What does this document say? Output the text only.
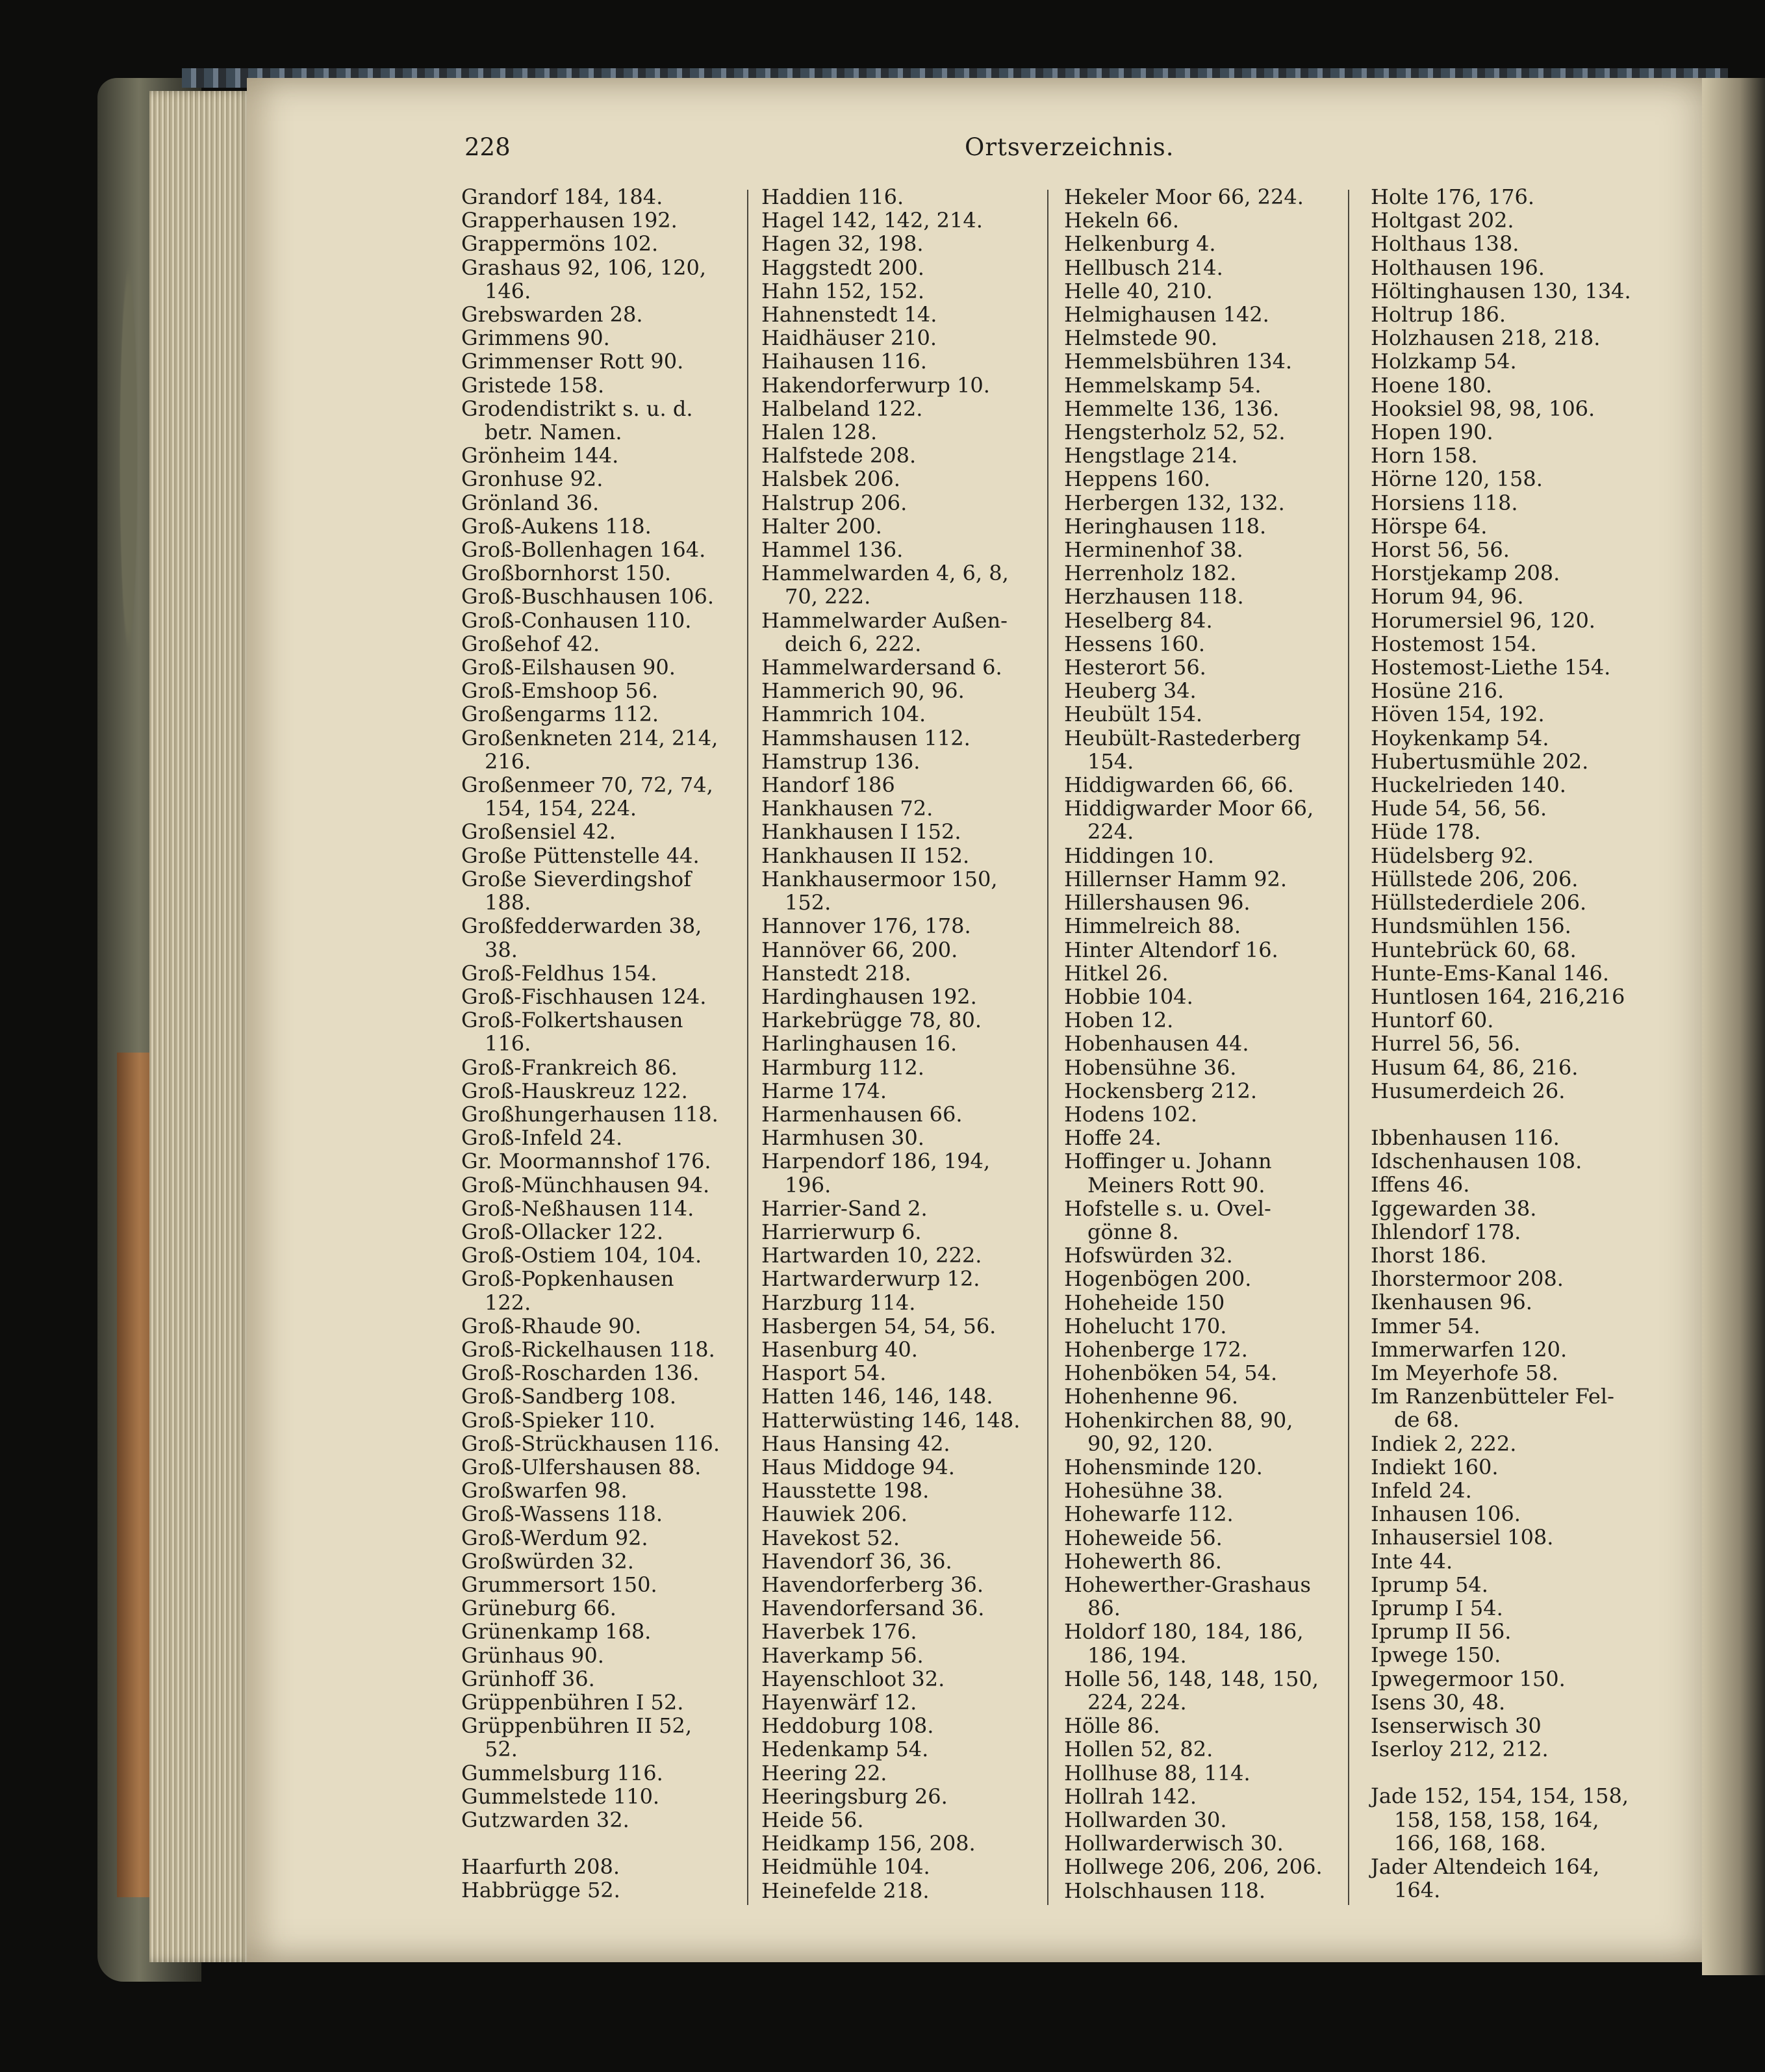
228	Ortsverzeichnis.
Grandorf 184, 184.
Grapperhausen 192.
Grappermöns 102.
Grashaus 92, 106, 120,
146.
Grebswarden 28.
Grimmens 90.
Grimmenser Rott 90.
Gristede 158.
Grodendistrikt s. u. d.
betr. Namen.
Grönheim 144.
Gronhuse 92.
Grönland 36.
Groß-Aukens 118.
Groß-Bollenhagen 164.
Großbornhorst 150.
Groß-Buschhausen 106.
Groß-Conhausen 110.
Großehof 42.
Groß-Eilshausen 90.
Groß-Emshoop 56.
Großengarms 112.
Großenkneten 214, 214,
216.
Großenmeer 70, 72, 74,
154, 154, 224.
Großensiel 42.
Große Püttenstelle 44.
Große Sieverdingshof
188.
Großfedderwarden 38,
38.
Groß-Feldhus 154.
Groß-Fischhausen 124.
Groß-Folkertshausen
116.
Groß-Frankreich 86.
Groß-Hauskreuz 122.
Großhungerhausen 118.
Groß-Infeld 24.
Gr. Moormannshof 176.
Groß-Münchhausen 94.
Groß-Neßhausen 114.
Groß-Ollacker 122.
Groß-Ostiem 104, 104.
Groß-Popkenhausen
122.
Groß-Rhaude 90.
Groß-Rickelhausen 118.
Groß-Roscharden 136.
Groß-Sandberg 108.
Groß-Spieker 110.
Groß-Strückhausen 116.
Groß-Ulfershausen 88.
Großwarfen 98.
Groß-Wassens 118.
Groß-Werdum 92.
Großwürden 32.
Grummersort 150.
Grüneburg 66.
Grünenkamp 168.
Grünhaus 90.
Grünhoff 36.
Grüppenbühren I 52.
Grüppenbühren II 52,
52.
Gummelsburg 116.
Gummelstede 110.
Gutzwarden 32.
Haarfurth 208.
Habbrügge 52.
Haddien 116.
Hagel 142, 142, 214.
Hagen 32, 198.
Haggstedt 200.
Hahn 152, 152.
Hahnenstedt 14.
Haidhäuser 210.
Haihausen 116.
Hakendorferwurp 10.
Halbeland 122.
Halen 128.
Halfstede 208.
Halsbek 206.
Halstrup 206.
Halter 200.
Hammel 136.
Hammelwarden 4, 6, 8,
70, 222.
Hammelwarder Außen-
deich 6, 222.
Hammelwardersand 6.
Hammerich 90, 96.
Hammrich 104.
Hammshausen 112.
Hamstrup 136.
Handorf 186
Hankhausen 72.
Hankhausen I 152.
Hankhausen II 152.
Hankhausermoor 150,
152.
Hannover 176, 178.
Hannöver 66, 200.
Hanstedt 218.
Hardinghausen 192.
Harkebrügge 78, 80.
Harlinghausen 16.
Harmburg 112.
Harme 174.
Harmenhausen 66.
Harmhusen 30.
Harpendorf 186, 194,
196.
Harrier-Sand 2.
Harrierwurp 6.
Hartwarden 10, 222.
Hartwarderwurp 12.
Harzburg 114.
Hasbergen 54, 54, 56.
Hasenburg 40.
Hasport 54.
Hatten 146, 146, 148.
Hatterwüsting 146, 148.
Haus Hansing 42.
Haus Middoge 94.
Hausstette 198.
Hauwiek 206.
Havekost 52.
Havendorf 36, 36.
Havendorferberg 36.
Havendorfersand 36.
Haverbek 176.
Haverkamp 56.
Hayenschloot 32.
Hayenwärf 12.
Heddoburg 108.
Hedenkamp 54.
Heering 22.
Heeringsburg 26.
Heide 56.
Heidkamp 156, 208.
Heidmühle 104.
Heinefelde 218.
Hekeler Moor 66, 224.
Hekeln 66.
Helkenburg 4.
Hellbusch 214.
Helle 40, 210.
Helmighausen 142.
Helmstede 90.
Hemmelsbühren 134.
Hemmelskamp 54.
Hemmelte 136, 136.
Hengsterholz 52, 52.
Hengstlage 214.
Heppens 160.
Herbergen 132, 132.
Heringhausen 118.
Herminenhof 38.
Herrenholz 182.
Herzhausen 118.
Heselberg 84.
Hessens 160.
Hesterort 56.
Heuberg 34.
Heubült 154.
Heubült-Rastederberg
154.
Hiddigwarden 66, 66.
Hiddigwarder Moor 66,
224.
Hiddingen 10.
Hillernser Hamm 92.
Hillershausen 96.
Himmelreich 88.
Hinter Altendorf 16.
Hitkel 26.
Hobbie 104.
Hoben 12.
Hobenhausen 44.
Hobensühne 36.
Hockensberg 212.
Hodens 102.
Hoffe 24.
Hoffinger u. Johann
Meiners Rott 90.
Hofstelle s. u. Ovel-
gönne 8.
Hofswürden 32.
Hogenbögen 200.
Hoheheide 150
Hohelucht 170.
Hohenberge 172.
Hohenböken 54, 54.
Hohenhenne 96.
Hohenkirchen 88, 90,
90, 92, 120.
Hohensminde 120.
Hohesühne 38.
Hohewarfe 112.
Hoheweide 56.
Hohewerth 86.
Hohewerther-Grashaus
86.
Holdorf 180, 184, 186,
186, 194.
Holle 56, 148, 148, 150,
224, 224.
Hölle 86.
Hollen 52, 82.
Hollhuse 88, 114.
Hollrah 142.
Hollwarden 30.
Hollwarderwisch 30.
Hollwege 206, 206, 206.
Holschhausen 118.
Holte 176, 176.
Holtgast 202.
Holthaus 138.
Holthausen 196.
Höltinghausen 130, 134.
Holtrup 186.
Holzhausen 218, 218.
Holzkamp 54.
Hoene 180.
Hooksiel 98, 98, 106.
Hopen 190.
Horn 158.
Hörne 120, 158.
Horsiens 118.
Hörspe 64.
Horst 56, 56.
Horstjekamp 208.
Horum 94, 96.
Horumersiel 96, 120.
Hostemost 154.
Hostemost-Liethe 154.
Hosüne 216.
Höven 154, 192.
Hoykenkamp 54.
Hubertusmühle 202.
Huckelrieden 140.
Hude 54, 56, 56.
Hüde 178.
Hüdelsberg 92.
Hüllstede 206, 206.
Hüllstederdiele 206.
Hundsmühlen 156.
Huntebrück 60, 68.
Hunte-Ems-Kanal 146.
Huntlosen 164, 216,216
Huntorf 60.
Hurrel 56, 56.
Husum 64, 86, 216.
Husumerdeich 26.
Ibbenhausen 116.
Idschenhausen 108.
Iffens 46.
Iggewarden 38.
Ihlendorf 178.
Ihorst 186.
Ihorstermoor 208.
Ikenhausen 96.
Immer 54.
Immerwarfen 120.
Im Meyerhofe 58.
Im Ranzenbütteler Fel-
de 68.
Indiek 2, 222.
Indiekt 160.
Infeld 24.
Inhausen 106.
Inhausersiel 108.
Inte 44.
Iprump 54.
Iprump I 54.
Iprump II 56.
Ipwege 150.
Ipwegermoor 150.
Isens 30, 48.
Isenserwisch 30
Iserloy 212, 212.
Jade 152, 154, 154, 158,
158, 158, 158, 164,
166, 168, 168.
Jader Altendeich 164,
164.
